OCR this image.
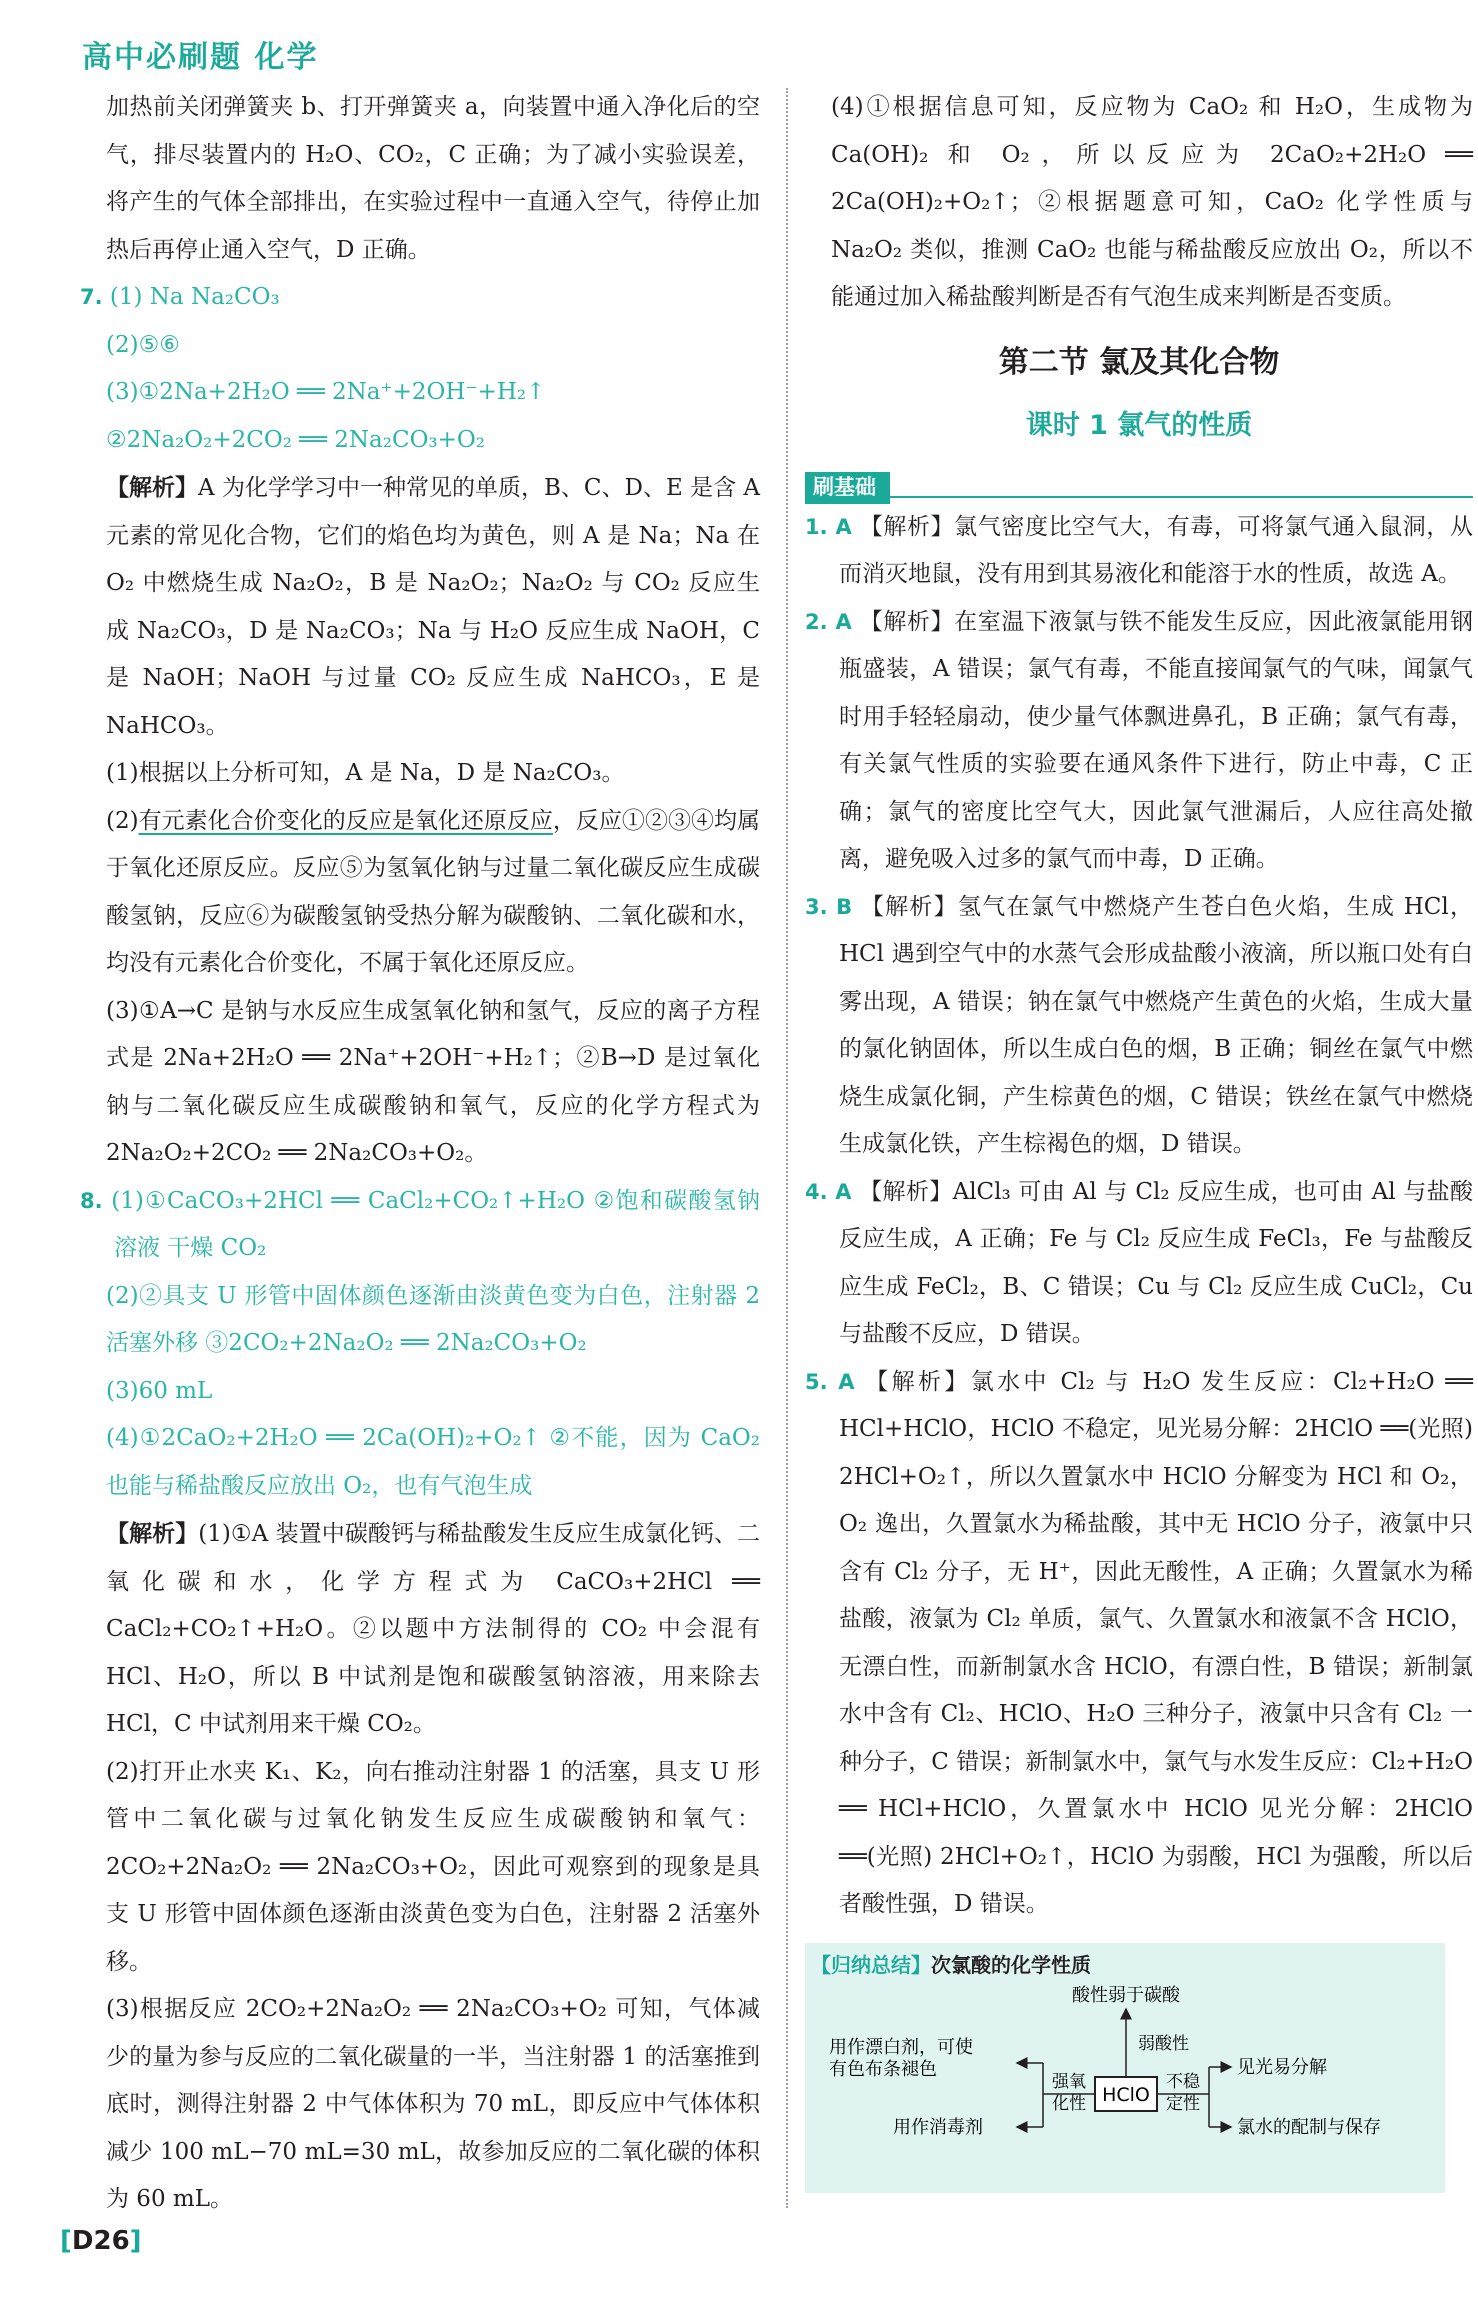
高中必刷题 化学

加热前关闭弹簧夹 b、打开弹簧夹 a，向装置中通入净化后的空气，排尽装置内的 H₂O、CO₂，C 正确；为了减小实验误差，将产生的气体全部排出，在实验过程中一直通入空气，待停止加热后再停止通入空气，D 正确。

7. (1) Na Na₂CO₃

(2)⑤⑥

(3)①2Na+2H₂O ══ 2Na⁺+2OH⁻+H₂↑

②2Na₂O₂+2CO₂ ══ 2Na₂CO₃+O₂

【解析】A 为化学学习中一种常见的单质，B、C、D、E 是含 A 元素的常见化合物，它们的焰色均为黄色，则 A 是 Na；Na 在 O₂ 中燃烧生成 Na₂O₂，B 是 Na₂O₂；Na₂O₂ 与 CO₂ 反应生成 Na₂CO₃，D 是 Na₂CO₃；Na 与 H₂O 反应生成 NaOH，C 是 NaOH；NaOH 与过量 CO₂ 反应生成 NaHCO₃，E 是 NaHCO₃。

(1)根据以上分析可知，A 是 Na，D 是 Na₂CO₃。

(2)有元素化合价变化的反应是氧化还原反应，反应①②③④均属于氧化还原反应。反应⑤为氢氧化钠与过量二氧化碳反应生成碳酸氢钠，反应⑥为碳酸氢钠受热分解为碳酸钠、二氧化碳和水，均没有元素化合价变化，不属于氧化还原反应。

(3)①A→C 是钠与水反应生成氢氧化钠和氢气，反应的离子方程式是 2Na+2H₂O ══ 2Na⁺+2OH⁻+H₂↑；②B→D 是过氧化钠与二氧化碳反应生成碳酸钠和氧气，反应的化学方程式为 2Na₂O₂+2CO₂ ══ 2Na₂CO₃+O₂。

8. (1)①CaCO₃+2HCl ══ CaCl₂+CO₂↑+H₂O ②饱和碳酸氢钠溶液 干燥 CO₂

(2)②具支 U 形管中固体颜色逐渐由淡黄色变为白色，注射器 2 活塞外移 ③2CO₂+2Na₂O₂ ══ 2Na₂CO₃+O₂

(3)60 mL

(4)①2CaO₂+2H₂O ══ 2Ca(OH)₂+O₂↑ ②不能，因为 CaO₂ 也能与稀盐酸反应放出 O₂，也有气泡生成

【解析】(1)①A 装置中碳酸钙与稀盐酸发生反应生成氯化钙、二氧化碳和水，化学方程式为 CaCO₃+2HCl ══ CaCl₂+CO₂↑+H₂O。②以题中方法制得的 CO₂ 中会混有 HCl、H₂O，所以 B 中试剂是饱和碳酸氢钠溶液，用来除去 HCl，C 中试剂用来干燥 CO₂。

(2)打开止水夹 K₁、K₂，向右推动注射器 1 的活塞，具支 U 形管中二氧化碳与过氧化钠发生反应生成碳酸钠和氧气：2CO₂+2Na₂O₂ ══ 2Na₂CO₃+O₂，因此可观察到的现象是具支 U 形管中固体颜色逐渐由淡黄色变为白色，注射器 2 活塞外移。

(3)根据反应 2CO₂+2Na₂O₂ ══ 2Na₂CO₃+O₂ 可知，气体减少的量为参与反应的二氧化碳量的一半，当注射器 1 的活塞推到底时，测得注射器 2 中气体体积为 70 mL，即反应中气体体积减少 100 mL−70 mL=30 mL，故参加反应的二氧化碳的体积为 60 mL。

(4)①根据信息可知，反应物为 CaO₂ 和 H₂O，生成物为 Ca(OH)₂ 和 O₂，所以反应为 2CaO₂+2H₂O ══ 2Ca(OH)₂+O₂↑；②根据题意可知，CaO₂ 化学性质与 Na₂O₂ 类似，推测 CaO₂ 也能与稀盐酸反应放出 O₂，所以不能通过加入稀盐酸判断是否有气泡生成来判断是否变质。

第二节 氯及其化合物
课时 1 氯气的性质
刷基础

1. A 【解析】氯气密度比空气大，有毒，可将氯气通入鼠洞，从而消灭地鼠，没有用到其易液化和能溶于水的性质，故选 A。

2. A 【解析】在室温下液氯与铁不能发生反应，因此液氯能用钢瓶盛装，A 错误；氯气有毒，不能直接闻氯气的气味，闻氯气时用手轻轻扇动，使少量气体飘进鼻孔，B 正确；氯气有毒，有关氯气性质的实验要在通风条件下进行，防止中毒，C 正确；氯气的密度比空气大，因此氯气泄漏后，人应往高处撤离，避免吸入过多的氯气而中毒，D 正确。

3. B 【解析】氢气在氯气中燃烧产生苍白色火焰，生成 HCl，HCl 遇到空气中的水蒸气会形成盐酸小液滴，所以瓶口处有白雾出现，A 错误；钠在氯气中燃烧产生黄色的火焰，生成大量的氯化钠固体，所以生成白色的烟，B 正确；铜丝在氯气中燃烧生成氯化铜，产生棕黄色的烟，C 错误；铁丝在氯气中燃烧生成氯化铁，产生棕褐色的烟，D 错误。

4. A 【解析】AlCl₃ 可由 Al 与 Cl₂ 反应生成，也可由 Al 与盐酸反应生成，A 正确；Fe 与 Cl₂ 反应生成 FeCl₃，Fe 与盐酸反应生成 FeCl₂，B、C 错误；Cu 与 Cl₂ 反应生成 CuCl₂，Cu 与盐酸不反应，D 错误。

5. A 【解析】氯水中 Cl₂ 与 H₂O 发生反应：Cl₂+H₂O ══ HCl+HClO，HClO 不稳定，见光易分解：2HClO ══(光照) 2HCl+O₂↑，所以久置氯水中 HClO 分解变为 HCl 和 O₂，O₂ 逸出，久置氯水为稀盐酸，其中无 HClO 分子，液氯中只含有 Cl₂ 分子，无 H⁺，因此无酸性，A 正确；久置氯水为稀盐酸，液氯为 Cl₂ 单质，氯气、久置氯水和液氯不含 HClO，无漂白性，而新制氯水含 HClO，有漂白性，B 错误；新制氯水中含有 Cl₂、HClO、H₂O 三种分子，液氯中只含有 Cl₂ 一种分子，C 错误；新制氯水中，氯气与水发生反应：Cl₂+H₂O ══ HCl+HClO，久置氯水中 HClO 见光分解：2HClO ══(光照) 2HCl+O₂↑，HClO 为弱酸，HCl 为强酸，所以后者酸性强，D 错误。

【归纳总结】次氯酸的化学性质
HClO
酸性弱于碳酸
弱酸性
强氧
化性
用作漂白剂，可使
有色布条褪色
用作消毒剂
不稳
定性
见光易分解
氯水的配制与保存
[D26]
